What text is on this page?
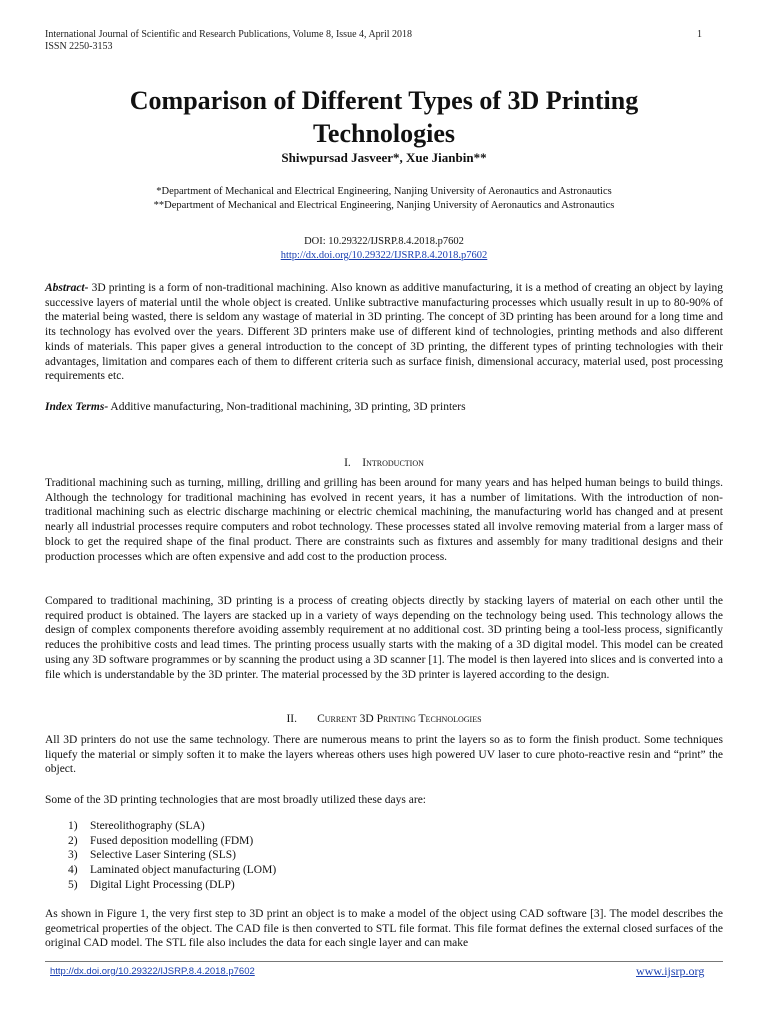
International Journal of Scientific and Research Publications, Volume 8, Issue 4, April 2018
ISSN 2250-3153
1
Comparison of Different Types of 3D Printing Technologies
Shiwpursad Jasveer*, Xue Jianbin**
*Department of Mechanical and Electrical Engineering, Nanjing University of Aeronautics and Astronautics
**Department of Mechanical and Electrical Engineering, Nanjing University of Aeronautics and Astronautics
DOI: 10.29322/IJSRP.8.4.2018.p7602
http://dx.doi.org/10.29322/IJSRP.8.4.2018.p7602
Abstract- 3D printing is a form of non-traditional machining. Also known as additive manufacturing, it is a method of creating an object by laying successive layers of material until the whole object is created. Unlike subtractive manufacturing processes which usually result in up to 80-90% of the material being wasted, there is seldom any wastage of material in 3D printing. The concept of 3D printing has been around for a long time and its technology has evolved over the years. Different 3D printers make use of different kind of technologies, printing methods and also different kinds of materials. This paper gives a general introduction to the concept of 3D printing, the different types of printing technologies with their advantages, limitation and compares each of them to different criteria such as surface finish, dimensional accuracy, material used, post processing requirements etc.
Index Terms- Additive manufacturing, Non-traditional machining, 3D printing, 3D printers
I. Introduction
Traditional machining such as turning, milling, drilling and grilling has been around for many years and has helped human beings to build things. Although the technology for traditional machining has evolved in recent years, it has a number of limitations. With the introduction of non-traditional machining such as electric discharge machining or electric chemical machining, the manufacturing world has changed and at present nearly all industrial processes require computers and robot technology. These processes stated all involve removing material from a larger mass of block to get the required shape of the final product. There are constraints such as fixtures and assembly for many traditional designs and their production processes which are often expensive and add cost to the production process.
Compared to traditional machining, 3D printing is a process of creating objects directly by stacking layers of material on each other until the required product is obtained. The layers are stacked up in a variety of ways depending on the technology being used. This technology allows the design of complex components therefore avoiding assembly requirement at no additional cost. 3D printing being a tool-less process, significantly reduces the prohibitive costs and lead times. The printing process usually starts with the making of a 3D digital model. This model can be created using any 3D software programmes or by scanning the product using a 3D scanner [1]. The model is then layered into slices and is converted into a file which is understandable by the 3D printer. The material processed by the 3D printer is layered according to the design.
II. Current 3D Printing Technologies
All 3D printers do not use the same technology. There are numerous means to print the layers so as to form the finish product. Some techniques liquefy the material or simply soften it to make the layers whereas others uses high powered UV laser to cure photo-reactive resin and “print” the object.
Some of the 3D printing technologies that are most broadly utilized these days are:
1)	Stereolithography (SLA)
2)	Fused deposition modelling (FDM)
3)	Selective Laser Sintering (SLS)
4)	Laminated object manufacturing (LOM)
5)	Digital Light Processing (DLP)
As shown in Figure 1, the very first step to 3D print an object is to make a model of the object using CAD software [3]. The model describes the geometrical properties of the object. The CAD file is then converted to STL file format. This file format defines the external closed surfaces of the original CAD model. The STL file also includes the data for each single layer and can make
http://dx.doi.org/10.29322/IJSRP.8.4.2018.p7602	www.ijsrp.org
